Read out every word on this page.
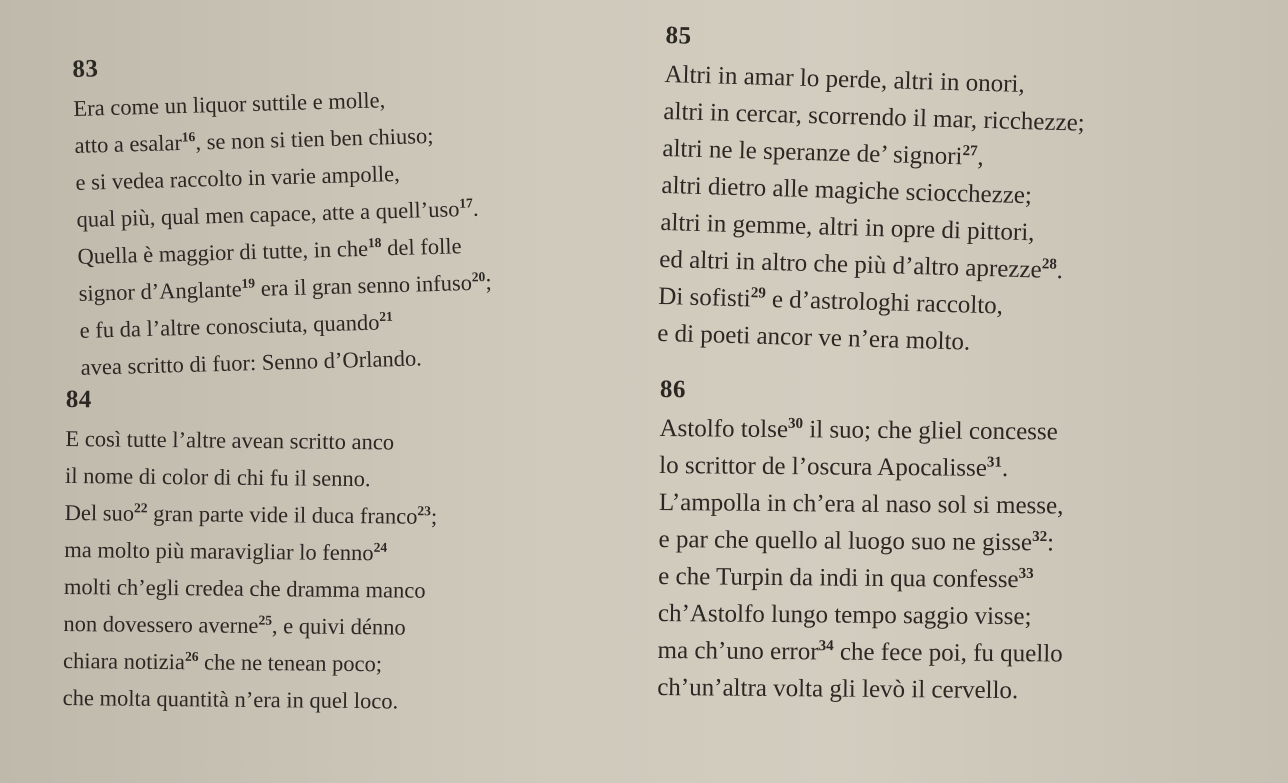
83
Era come un liquor suttile e molle,
atto a esalar$^{16}$, se non si tien ben chiuso;
e si vedea raccolto in varie ampolle,
qual più, qual men capace, atte a quell’uso$^{17}$.
Quella è maggior di tutte, in che$^{18}$ del folle
signor d’Anglante$^{19}$ era il gran senno infuso$^{20}$;
e fu da l’altre conosciuta, quando$^{21}$
avea scritto di fuor: Senno d’Orlando.
84
E così tutte l’altre avean scritto anco
il nome di color di chi fu il senno.
Del suo$^{22}$ gran parte vide il duca franco$^{23}$;
ma molto più maravigliar lo fenno$^{24}$
molti ch’egli credea che dramma manco
non dovessero averne$^{25}$, e quivi dénno
chiara notizia$^{26}$ che ne tenean poco;
che molta quantità n’era in quel loco.
85
Altri in amar lo perde, altri in onori,
altri in cercar, scorrendo il mar, ricchezze;
altri ne le speranze de’ signori$^{27}$,
altri dietro alle magiche sciocchezze;
altri in gemme, altri in opre di pittori,
ed altri in altro che più d’altro aprezze$^{28}$.
Di sofisti$^{29}$ e d’astrologhi raccolto,
e di poeti ancor ve n’era molto.
86
Astolfo tolse$^{30}$ il suo; che gliel concesse
lo scrittor de l’oscura Apocalisse$^{31}$.
L’ampolla in ch’era al naso sol si messe,
e par che quello al luogo suo ne gisse$^{32}$:
e che Turpin da indi in qua confesse$^{33}$
ch’Astolfo lungo tempo saggio visse;
ma ch’uno error$^{34}$ che fece poi, fu quello
ch’un’altra volta gli levò il cervello.
